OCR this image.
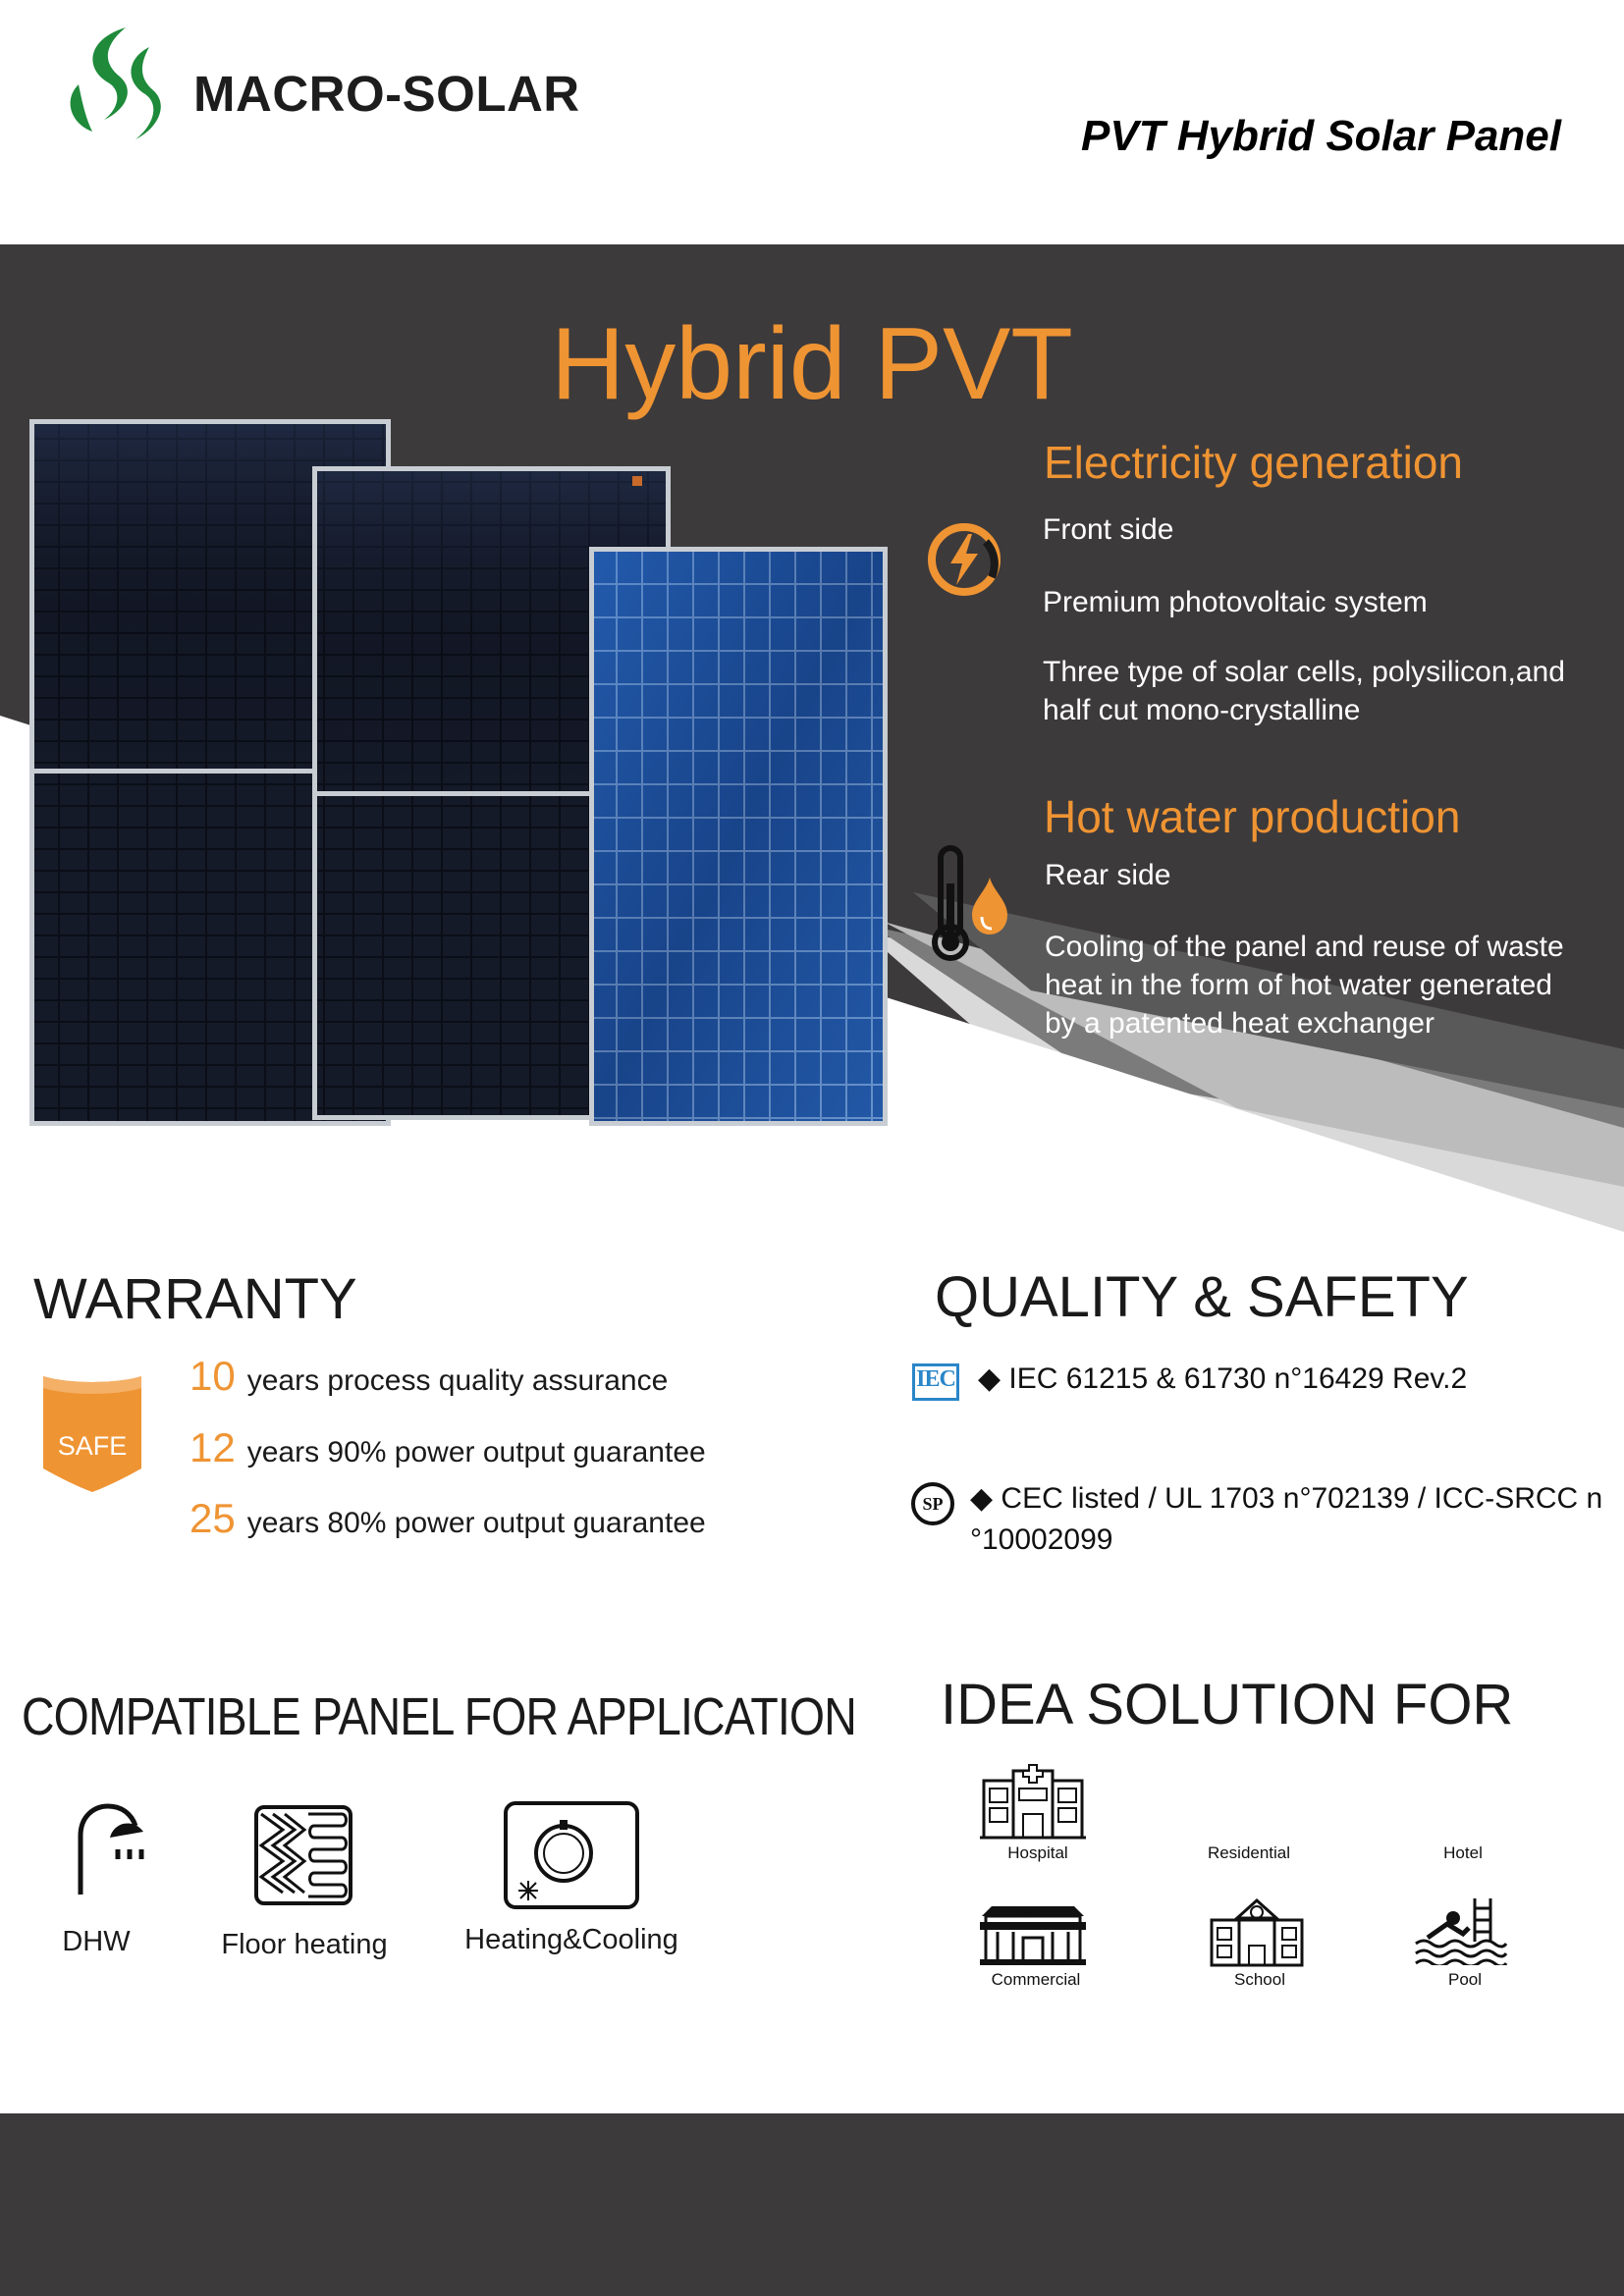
MACRO-SOLAR
PVT Hybrid Solar Panel
Hybrid PVT
Electricity generation
Front side
Premium photovoltaic system
Three type of solar cells, polysilicon,and
half cut mono-crystalline
Hot water production
Rear side
Cooling of the panel and reuse of waste
heat in the form of hot water generated
by a patented heat exchanger
WARRANTY
SAFE
10 years process quality assurance
12 years 90% power output guarantee
25 years 80% power output guarantee
QUALITY & SAFETY
IEC ◆ IEC 61215 & 61730 n°16429 Rev.2
SP ◆ CEC listed / UL 1703 n°702139 / ICC-SRCC n
°10002099
COMPATIBLE PANEL FOR APPLICATION
DHW	Floor heating	Heating&Cooling
IDEA SOLUTION FOR
Hospital	Residential	Hotel
MALL
Commercial	School	Pool
